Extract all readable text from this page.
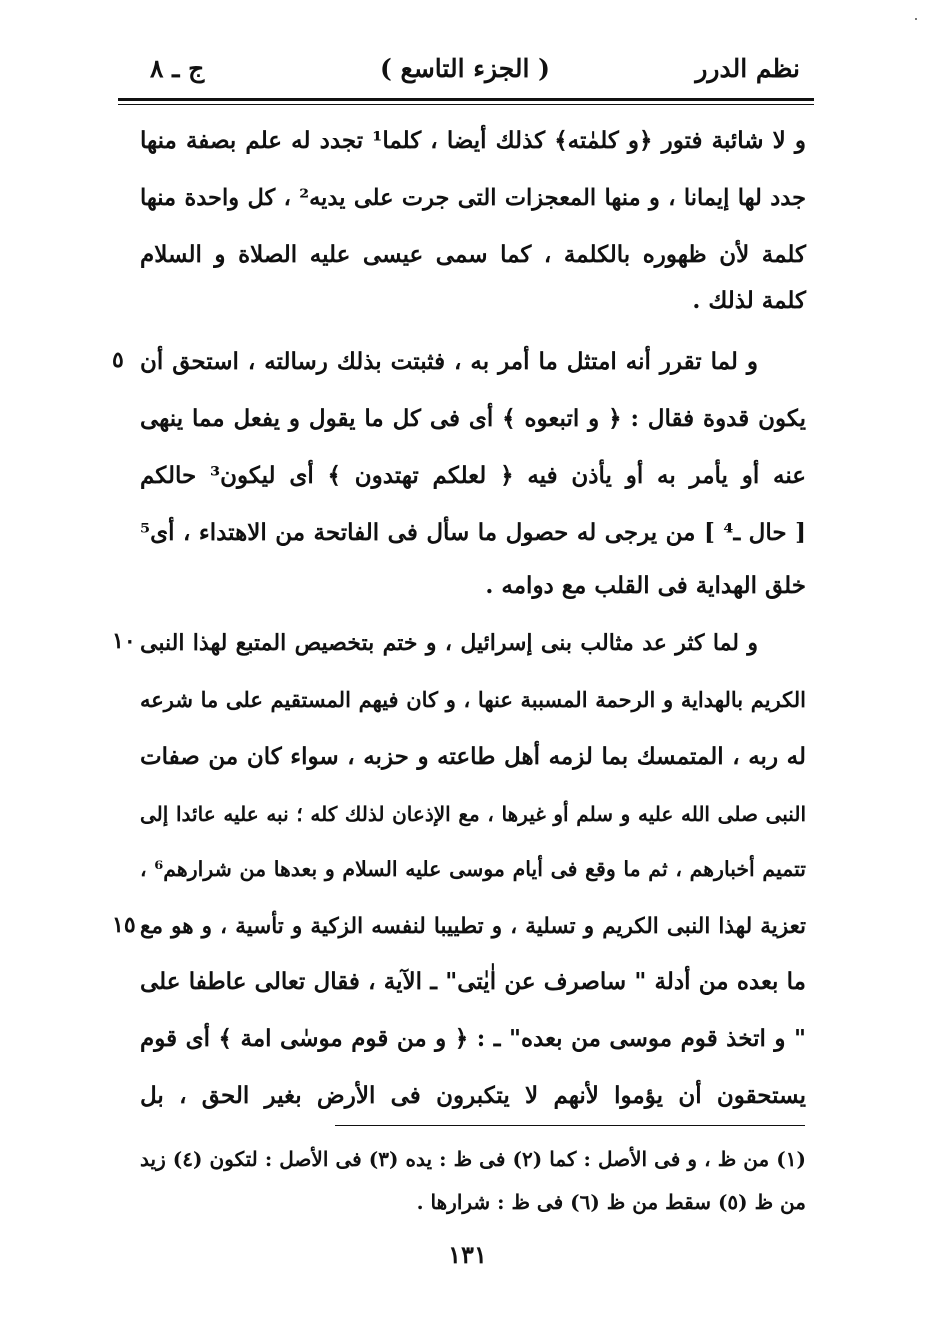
نظم الدرر
( الجزء التاسع )
ج ـ ٨
و لا شائبة فتور ﴿و كلمٰته﴾ كذلك أيضا ، كلما¹ تجدد له علم بصفة منها
جدد لها إيمانا ، و منها المعجزات التى جرت على يديه² ، كل واحدة منها
كلمة لأن ظهوره بالكلمة ، كما سمى عيسى عليه الصلاة و السلام
كلمة لذلك .
و لما تقرر أنه امتثل ما أمر به ، فثبتت بذلك رسالته ، استحق أن
يكون قدوة فقال : ﴿ و اتبعوه ﴾ أى فى كل ما يقول و يفعل مما ينهى
عنه أو يأمر به أو يأذن فيه ﴿ لعلكم تهتدون ﴾ أى ليكون³ حالكم
[ حال ـ⁴ ] من يرجى له حصول ما سأل فى الفاتحة من الاهتداء ، أى⁵
خلق الهداية فى القلب مع دوامه .
و لما كثر عد مثالب بنى إسرائيل ، و ختم بتخصيص المتبع لهذا النبى
الكريم بالهداية و الرحمة المسببة عنها ، و كان فيهم المستقيم على ما شرعه
له ربه ، المتمسك بما لزمه أهل طاعته و حزبه ، سواء كان من صفات
النبى صلى الله عليه و سلم أو غيرها ، مع الإذعان لذلك كله ؛ نبه عليه عائدا إلى
تتميم أخبارهم ، ثم ما وقع فى أيام موسى عليه السلام و بعدها من شرارهم⁶ ،
تعزية لهذا النبى الكريم و تسلية ، و تطييبا لنفسه الزكية و تأسية ، و هو مع
ما بعده من أدلة " ساصرف عن اٰيٰتى" ـ الآية ، فقال تعالى عاطفا على
" و اتخذ قوم موسى من بعده" ـ : ﴿ و من قوم موسٰى امة ﴾ أى قوم
يستحقون أن يؤموا لأنهم لا يتكبرون فى الأرض بغير الحق ، بل
٥
١٠
١٥
(١) من ظ ، و فى الأصل : كما (٢) فى ظ : يده (٣) فى الأصل : لتكون (٤) زيد
من ظ (٥) سقط من ظ (٦) فى ظ : شرارها .
١٣١
